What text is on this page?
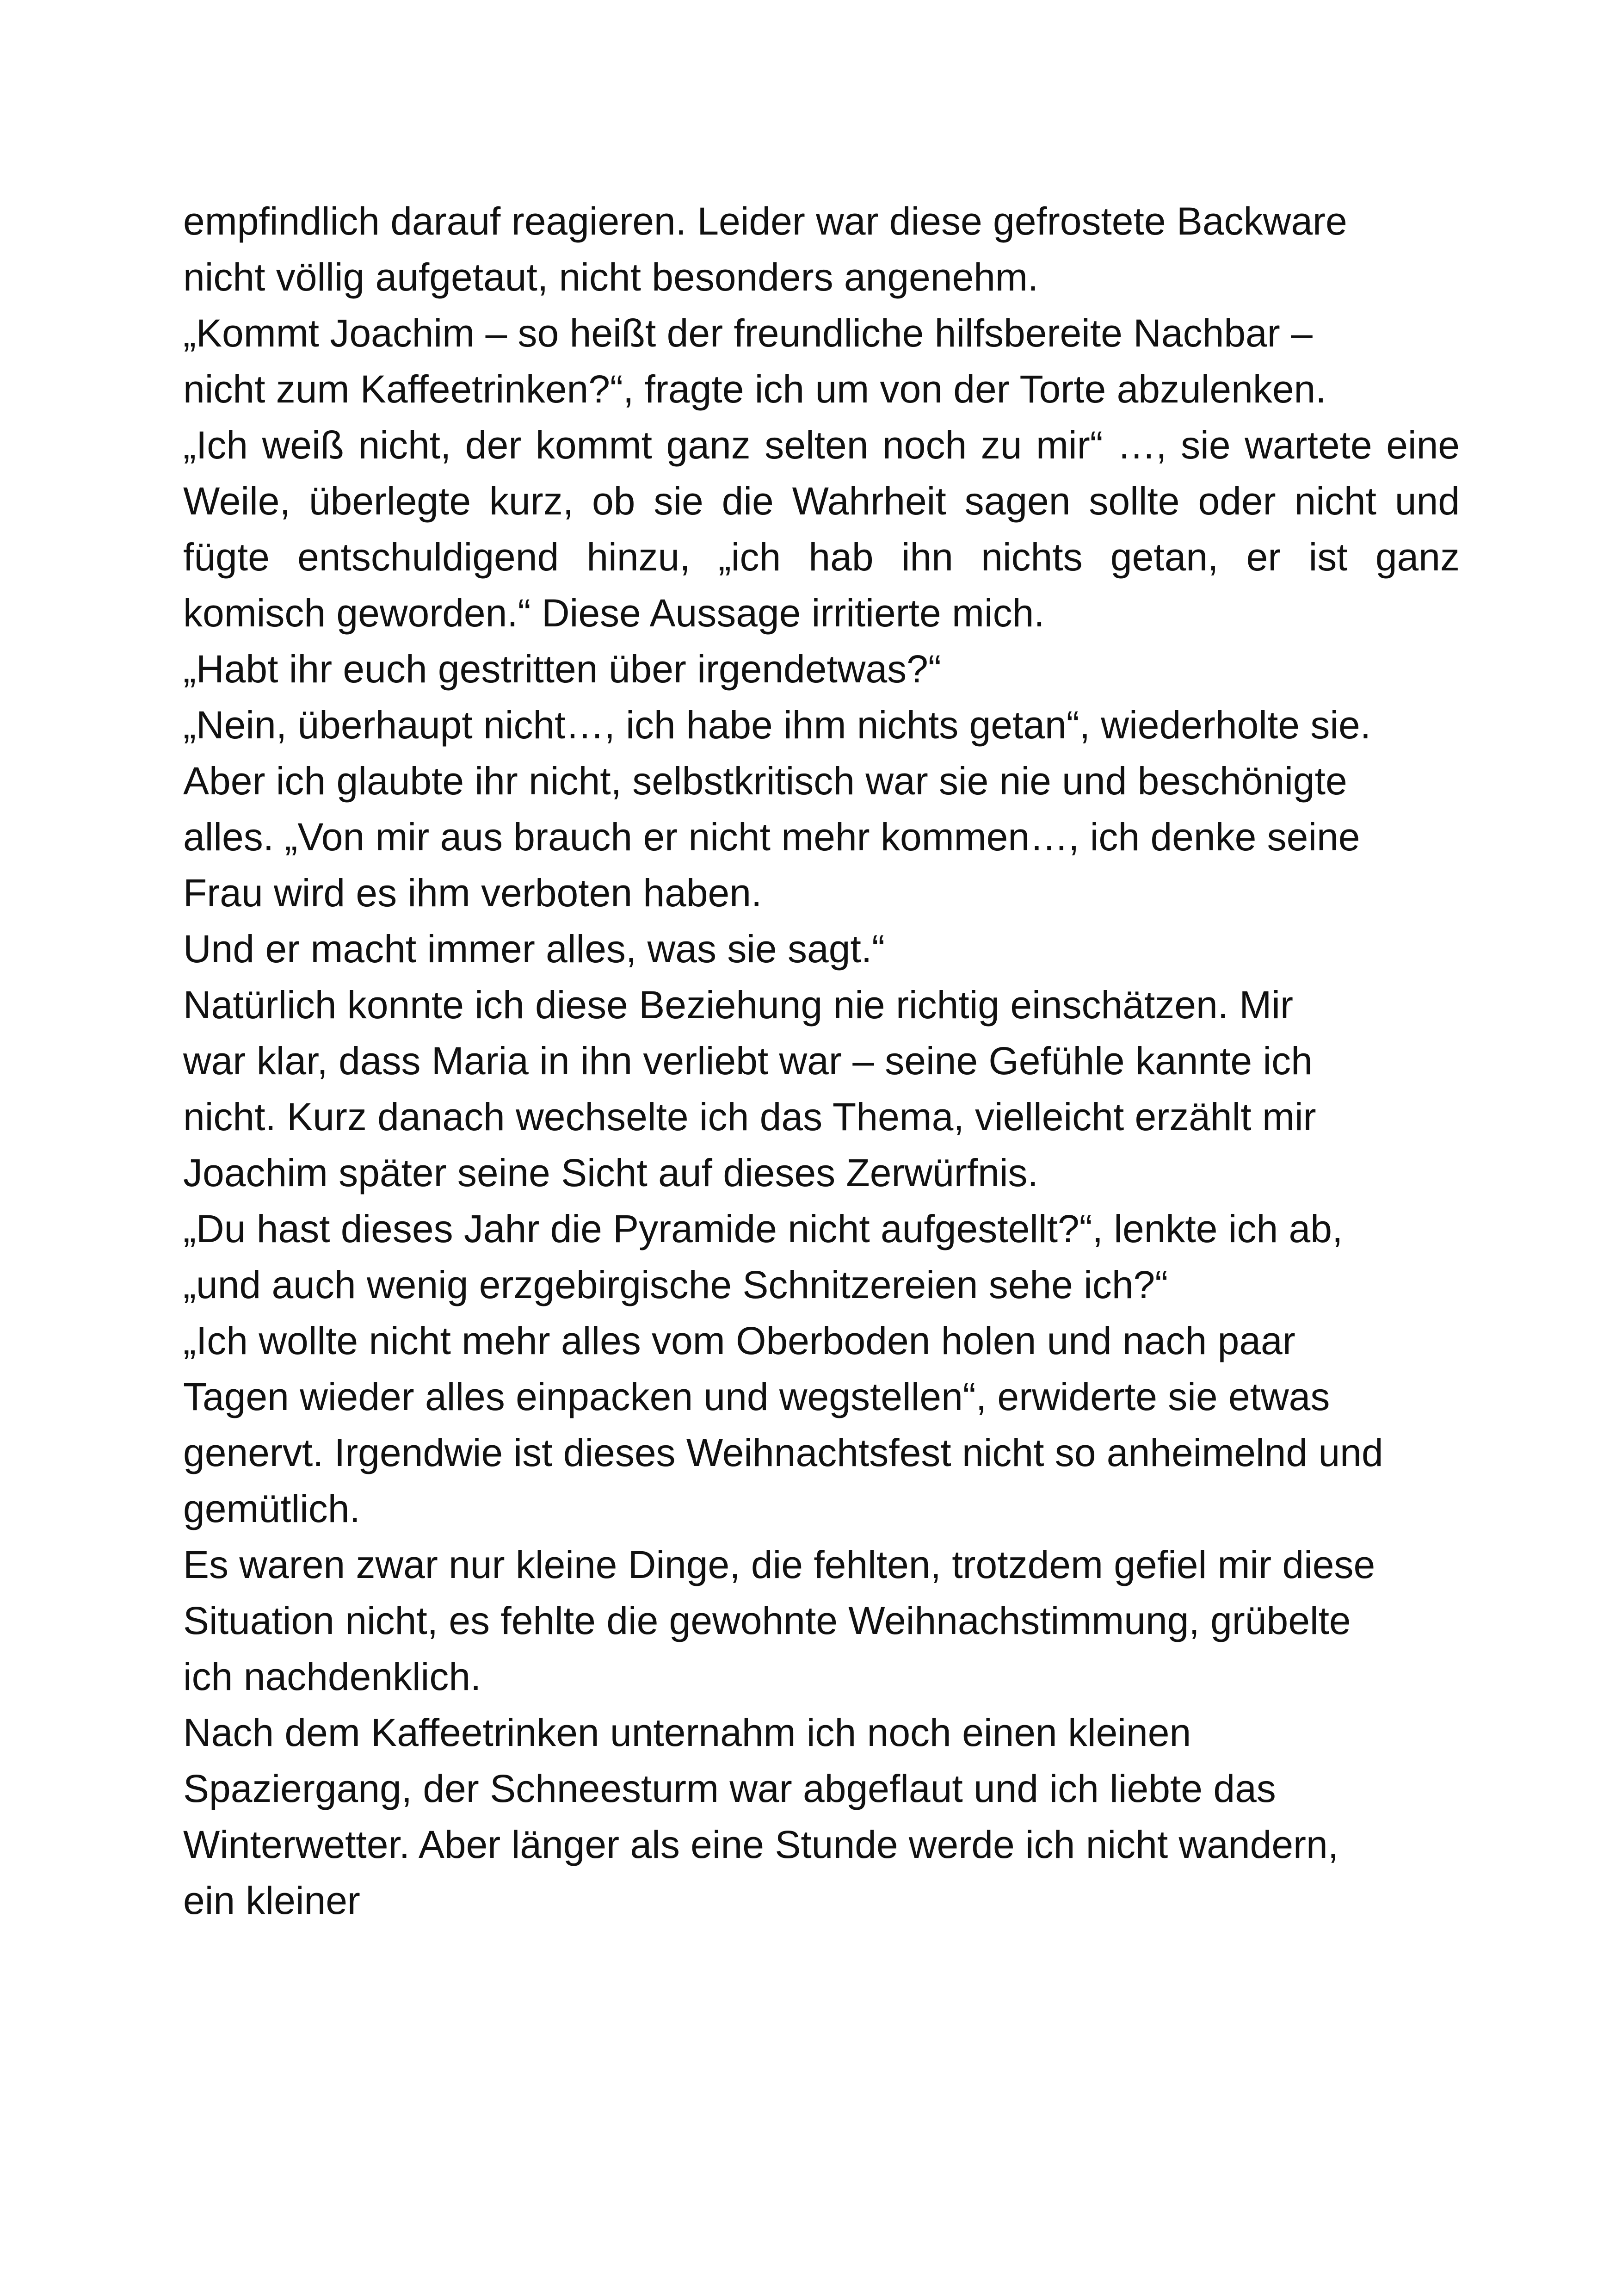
empfindlich darauf reagieren. Leider war diese gefrostete Backware
nicht völlig aufgetaut, nicht besonders angenehm.
„Kommt Joachim – so heißt der freundliche hilfsbereite Nachbar –
nicht zum Kaffeetrinken?“, fragte ich um von der Torte abzulenken.
„Ich weiß nicht, der kommt ganz selten noch zu mir“ …, sie wartete eine
Weile, überlegte kurz, ob sie die Wahrheit sagen sollte oder nicht und
fügte entschuldigend hinzu, „ich hab ihn nichts getan, er ist ganz
komisch geworden.“ Diese Aussage irritierte mich.
„Habt ihr euch gestritten über irgendetwas?“
„Nein, überhaupt nicht…, ich habe ihm nichts getan“, wiederholte sie.
Aber ich glaubte ihr nicht, selbstkritisch war sie nie und beschönigte
alles. „Von mir aus brauch er nicht mehr kommen…, ich denke seine
Frau wird es ihm verboten haben.
Und er macht immer alles, was sie sagt.“
Natürlich konnte ich diese Beziehung nie richtig einschätzen. Mir
war klar, dass Maria in ihn verliebt war – seine Gefühle kannte ich
nicht. Kurz danach wechselte ich das Thema, vielleicht erzählt mir
Joachim später seine Sicht auf dieses Zerwürfnis.
„Du hast dieses Jahr die Pyramide nicht aufgestellt?“, lenkte ich ab,
„und auch wenig erzgebirgische Schnitzereien sehe ich?“
„Ich wollte nicht mehr alles vom Oberboden holen und nach paar
Tagen wieder alles einpacken und wegstellen“, erwiderte sie etwas
genervt. Irgendwie ist dieses Weihnachtsfest nicht so anheimelnd und
gemütlich.
Es waren zwar nur kleine Dinge, die fehlten, trotzdem gefiel mir diese
Situation nicht, es fehlte die gewohnte Weihnachstimmung, grübelte
ich nachdenklich.
Nach dem Kaffeetrinken unternahm ich noch einen kleinen
Spaziergang, der Schneesturm war abgeflaut und ich liebte das
Winterwetter. Aber länger als eine Stunde werde ich nicht wandern,
ein kleiner
